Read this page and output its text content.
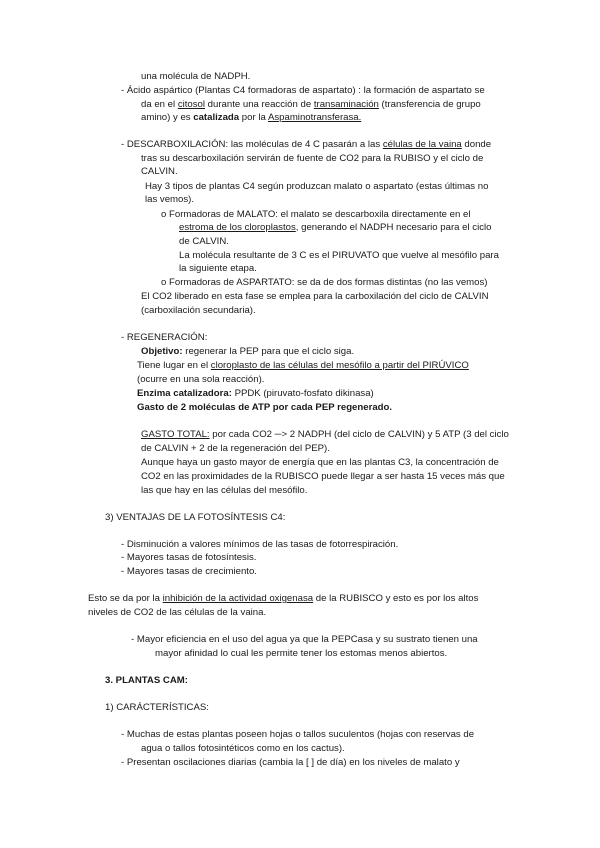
una molécula de NADPH.
- Ácido aspártico (Plantas C4 formadoras de aspartato) : la formación de aspartato se
da en el citosol durante una reacción de transaminación (transferencia de grupo
amino) y es catalizada por la Aspaminotransferasa.
- DESCARBOXILACIÓN: las moléculas de 4 C pasarán a las células de la vaina donde
tras su descarboxilación servirán de fuente de CO2 para la RUBISO y el ciclo de
CALVIN.
Hay 3 tipos de plantas C4 según produzcan malato o aspartato (estas últimas no
las vemos).
o Formadoras de MALATO: el malato se descarboxila directamente en el
estroma de los cloroplastos, generando el NADPH necesario para el ciclo
de CALVIN.
La molécula resultante de 3 C es el PIRUVATO que vuelve al mesófilo para
la siguiente etapa.
o Formadoras de ASPARTATO: se da de dos formas distintas (no las vemos)
El CO2 liberado en esta fase se emplea para la carboxilación del ciclo de CALVIN
(carboxilación secundaria).
- REGENERACIÓN:
Objetivo: regenerar la PEP para que el ciclo siga.
Tiene lugar en el cloroplasto de las células del mesófilo a partir del PIRÚVICO
(ocurre en una sola reacción).
Enzima catalizadora: PPDK (piruvato-fosfato dikinasa)
Gasto de 2 moléculas de ATP por cada PEP regenerado.
GASTO TOTAL: por cada CO2 ─> 2 NADPH (del ciclo de CALVIN) y 5 ATP (3 del ciclo
de CALVIN + 2 de la regeneración del PEP).
Aunque haya un gasto mayor de energía que en las plantas C3, la concentración de
CO2 en las proximidades de la RUBISCO puede llegar a ser hasta 15 veces más que
las que hay en las células del mesófilo.
3) VENTAJAS DE LA FOTOSÍNTESIS C4:
- Disminución a valores mínimos de las tasas de fotorrespiración.
- Mayores tasas de fotosíntesis.
- Mayores tasas de crecimiento.
Esto se da por la inhibición de la actividad oxigenasa de la RUBISCO y esto es por los altos
niveles de CO2 de las células de la vaina.
- Mayor eficiencia en el uso del agua ya que la PEPCasa y su sustrato tienen una
mayor afinidad lo cual les permite tener los estomas menos abiertos.
3. PLANTAS CAM:
1) CARÁCTERÍSTICAS:
- Muchas de estas plantas poseen hojas o tallos suculentos (hojas con reservas de
agua o tallos fotosintéticos como en los cactus).
- Presentan oscilaciones diarias (cambia la [ ] de día) en los niveles de malato y
